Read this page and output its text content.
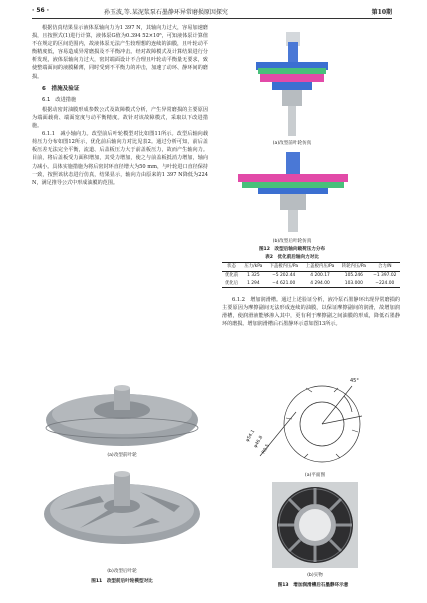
· 56 ·	孙玉波,等.某泥浆泵石墨静环异常磨损原因探究	第10期

根据仿真结果显示液体泵轴向力为1 397 N，其轴向力过大，容易加速磨损，且按照式(1)进行计算，液体泵G值为0.394 52×10⁶，可知液体泵计算值不在规定的区间范围内，故液体泵无法产生较理想的连续的油膜，且叶轮动平衡精度低，容易造成异常磨损及不平衡冲击。经对故障模式及计算结果进行分析发现，液体泵轴向力过大，密封端面设计不合理且叶轮动平衡量无要求，致使整端面间的液膜稀薄，同时受到不平衡力的冲击，加速了动环、静环间的磨损。

6　措施及验证
6.1　改进措施

根据动密封油膜形成参数公式及故障模式分析，产生异常磨损的主要原因为端面载荷、端面宽度与动平衡精度。故针对该故障模式，采取以下改进措施。

6.1.1　减小轴向力。改型前后叶轮模型对比如图11所示。改型后轴向载荷压力分布如图12所示，优化前后轴向力对比见表2。通过分析可知，前后盖板压差无法完全平衡，流道、后盖板压力大于前盖板压力，故而产生轴向力。目前，将后盖板受力面积增加，其受力增加，使之与前盖板抵消力增加，轴向力减小。具体实施措施为将后密封环直径增大为50 mm，与叶轮进口直径保持一致，按照该状态进行仿真，结果显示，轴向力由原来的1 397 N降低为224 N，满足推导公式中形成油膜的范围。

(a)改型前叶轮仿真
(b)改型后叶轮仿真
图12　改型后轴向载荷压力分布
表2　优化前后轴向力对比
状态	压力/kPa	下盖板内压/Pa	上盖板内压/Pa	转轮内压/Pa	合力/N
优化前	1 325	−5 202.44	4 200.17	105.246	−1 397.02
优化后	1 294	−4 621.00	4 294.00	103.000	−224.00

6.1.2　增加润滑槽。通过上述验证分析，液冷泵石墨静环出现异常磨损的主要原因为摩擦副间无法形成连续的油膜，以保证摩擦副间的润滑，故增加润滑槽，使润滑液能够渗入其中，更有利于摩擦副之间油膜的形成，降低石墨静环的磨损。增加润滑槽后石墨静环示意如图13所示。

45°
φ54.1
φ46.8
R0.5
(a)平面图
(b)实物
图13　增加润滑槽后石墨静环示意
(a)改型前叶轮
(b)改型后叶轮
图11　改型前后叶轮模型对比
